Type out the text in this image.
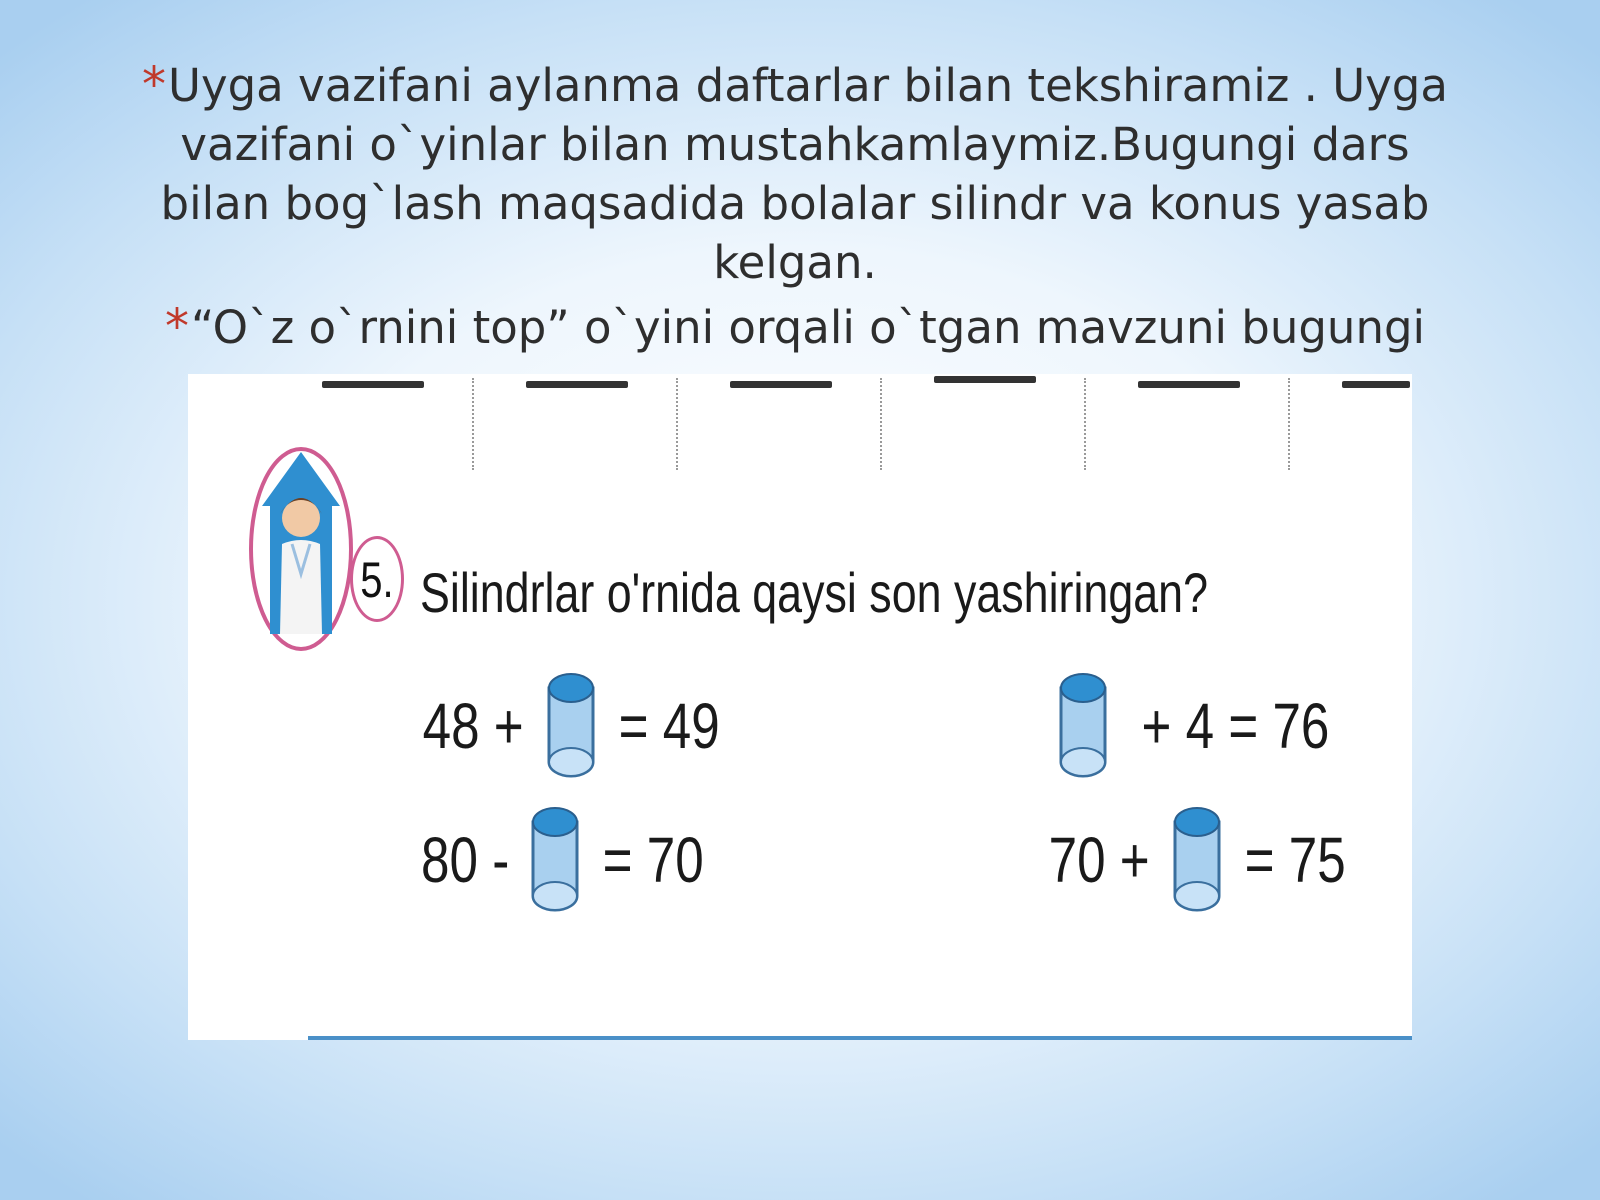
*Uyga vazifani aylanma daftarlar bilan tekshiramiz . Uyga vazifani o`yinlar bilan mustahkamlaymiz.Bugungi dars bilan bog`lash maqsadida bolalar silindr va konus yasab kelgan.

*“O`z o`rnini top” o`yini orqali o`tgan mavzuni bugungi

5. Silindrlar o'rnida qaysi son yashiringan?
48 + = 49	+ 4 = 76
80 - = 70	70 + = 75
